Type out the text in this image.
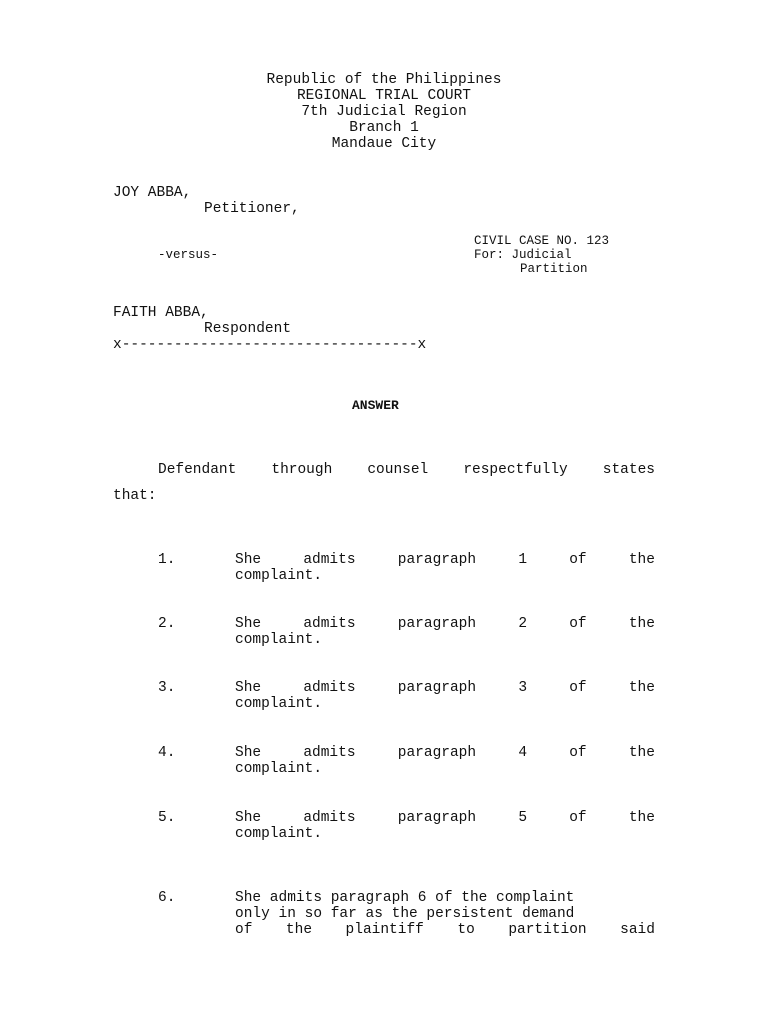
Republic of the Philippines
REGIONAL TRIAL COURT
7th Judicial Region
Branch 1
Mandaue City
JOY ABBA,
Petitioner,
CIVIL CASE NO. 123
-versus-	For: Judicial
Partition
FAITH ABBA,
Respondent
x----------------------------------x
ANSWER
Defendant through counsel respectfully states
that:
1.	She	admits	paragraph	1	of	the
complaint.
2.	She	admits	paragraph	2	of	the
complaint.
3.	She	admits	paragraph	3	of	the
complaint.
4.	She	admits	paragraph	4	of	the
complaint.
5.	She	admits	paragraph	5	of	the
complaint.
6.	She admits paragraph 6 of the complaint
only in so far as the persistent demand
of the plaintiff to partition said
